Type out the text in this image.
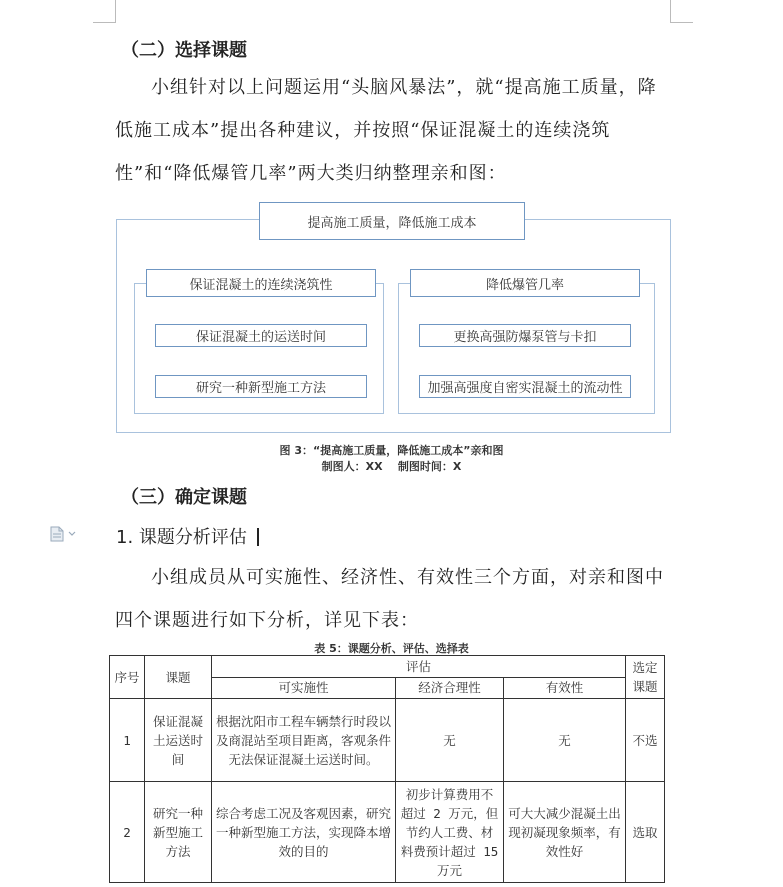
（二）选择课题
小组针对以上问题运用“头脑风暴法”，就“提高施工质量，降低施工成本”提出各种建议，并按照“保证混凝土的连续浇筑性”和“降低爆管几率”两大类归纳整理亲和图：
提高施工质量，降低施工成本
保证混凝土的连续浇筑性
保证混凝土的运送时间
研究一种新型施工方法
降低爆管几率
更换高强防爆泵管与卡扣
加强高强度自密实混凝土的流动性
图 3：“提高施工质量，降低施工成本”亲和图
制图人：XX    制图时间：X
（三）确定课题
1. 课题分析评估
小组成员从可实施性、经济性、有效性三个方面，对亲和图中四个课题进行如下分析，详见下表：
表 5：课题分析、评估、选择表
序号	课题	评估			选定课题
		可实施性	经济合理性	有效性	
1	保证混凝土运送时间	根据沈阳市工程车辆禁行时段以及商混站至项目距离，客观条件无法保证混凝土运送时间。	无	无	不选
2	研究一种新型施工方法	综合考虑工况及客观因素，研究一种新型施工方法，实现降本增效的目的	初步计算费用不超过 2 万元，但节约人工费、材料费预计超过 15 万元	可大大减少混凝土出现初凝现象频率，有效性好	选取
